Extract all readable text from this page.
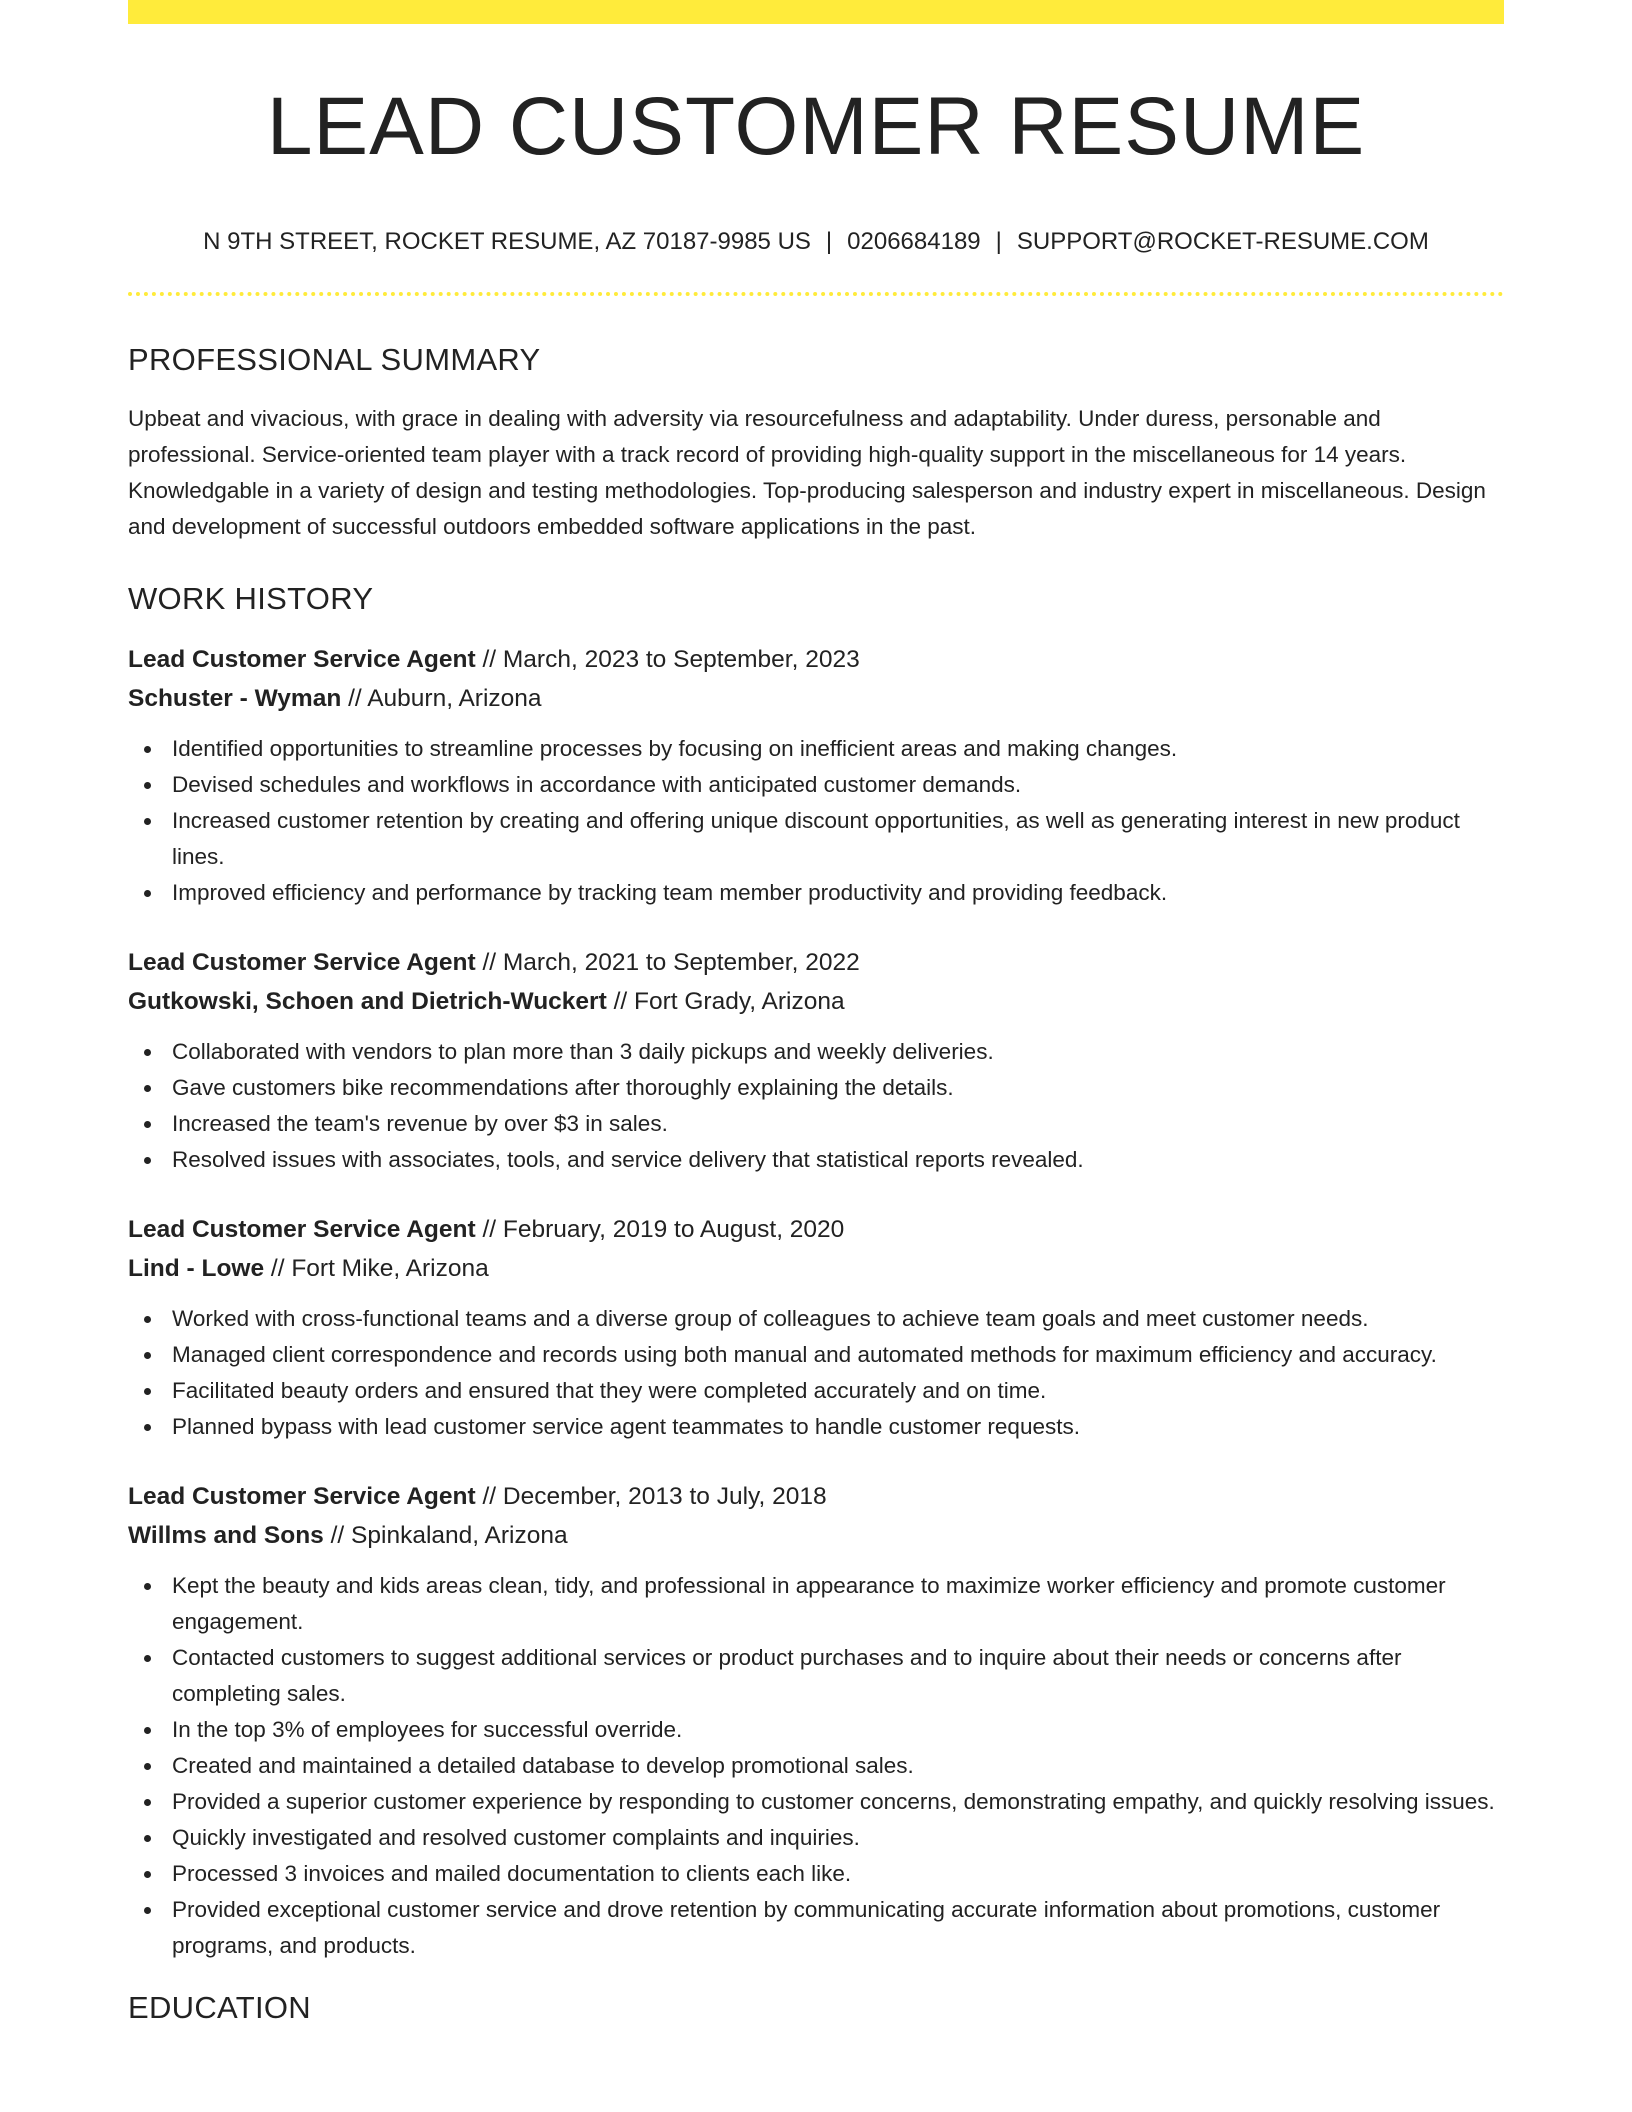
LEAD CUSTOMER RESUME
N 9TH STREET, ROCKET RESUME, AZ 70187-9985 US | 0206684189 | SUPPORT@ROCKET-RESUME.COM
PROFESSIONAL SUMMARY

Upbeat and vivacious, with grace in dealing with adversity via resourcefulness and adaptability. Under duress, personable and professional. Service-oriented team player with a track record of providing high-quality support in the miscellaneous for 14 years. Knowledgable in a variety of design and testing methodologies. Top-producing salesperson and industry expert in miscellaneous. Design and development of successful outdoors embedded software applications in the past.

WORK HISTORY
Lead Customer Service Agent // March, 2023 to September, 2023
Schuster - Wyman // Auburn, Arizona
Identified opportunities to streamline processes by focusing on inefficient areas and making changes.
Devised schedules and workflows in accordance with anticipated customer demands.
Increased customer retention by creating and offering unique discount opportunities, as well as generating interest in new product lines.
Improved efficiency and performance by tracking team member productivity and providing feedback.
Lead Customer Service Agent // March, 2021 to September, 2022
Gutkowski, Schoen and Dietrich-Wuckert // Fort Grady, Arizona
Collaborated with vendors to plan more than 3 daily pickups and weekly deliveries.
Gave customers bike recommendations after thoroughly explaining the details.
Increased the team's revenue by over $3 in sales.
Resolved issues with associates, tools, and service delivery that statistical reports revealed.
Lead Customer Service Agent // February, 2019 to August, 2020
Lind - Lowe // Fort Mike, Arizona
Worked with cross-functional teams and a diverse group of colleagues to achieve team goals and meet customer needs.
Managed client correspondence and records using both manual and automated methods for maximum efficiency and accuracy.
Facilitated beauty orders and ensured that they were completed accurately and on time.
Planned bypass with lead customer service agent teammates to handle customer requests.
Lead Customer Service Agent // December, 2013 to July, 2018
Willms and Sons // Spinkaland, Arizona
Kept the beauty and kids areas clean, tidy, and professional in appearance to maximize worker efficiency and promote customer engagement.
Contacted customers to suggest additional services or product purchases and to inquire about their needs or concerns after completing sales.
In the top 3% of employees for successful override.
Created and maintained a detailed database to develop promotional sales.
Provided a superior customer experience by responding to customer concerns, demonstrating empathy, and quickly resolving issues.
Quickly investigated and resolved customer complaints and inquiries.
Processed 3 invoices and mailed documentation to clients each like.
Provided exceptional customer service and drove retention by communicating accurate information about promotions, customer programs, and products.
EDUCATION
